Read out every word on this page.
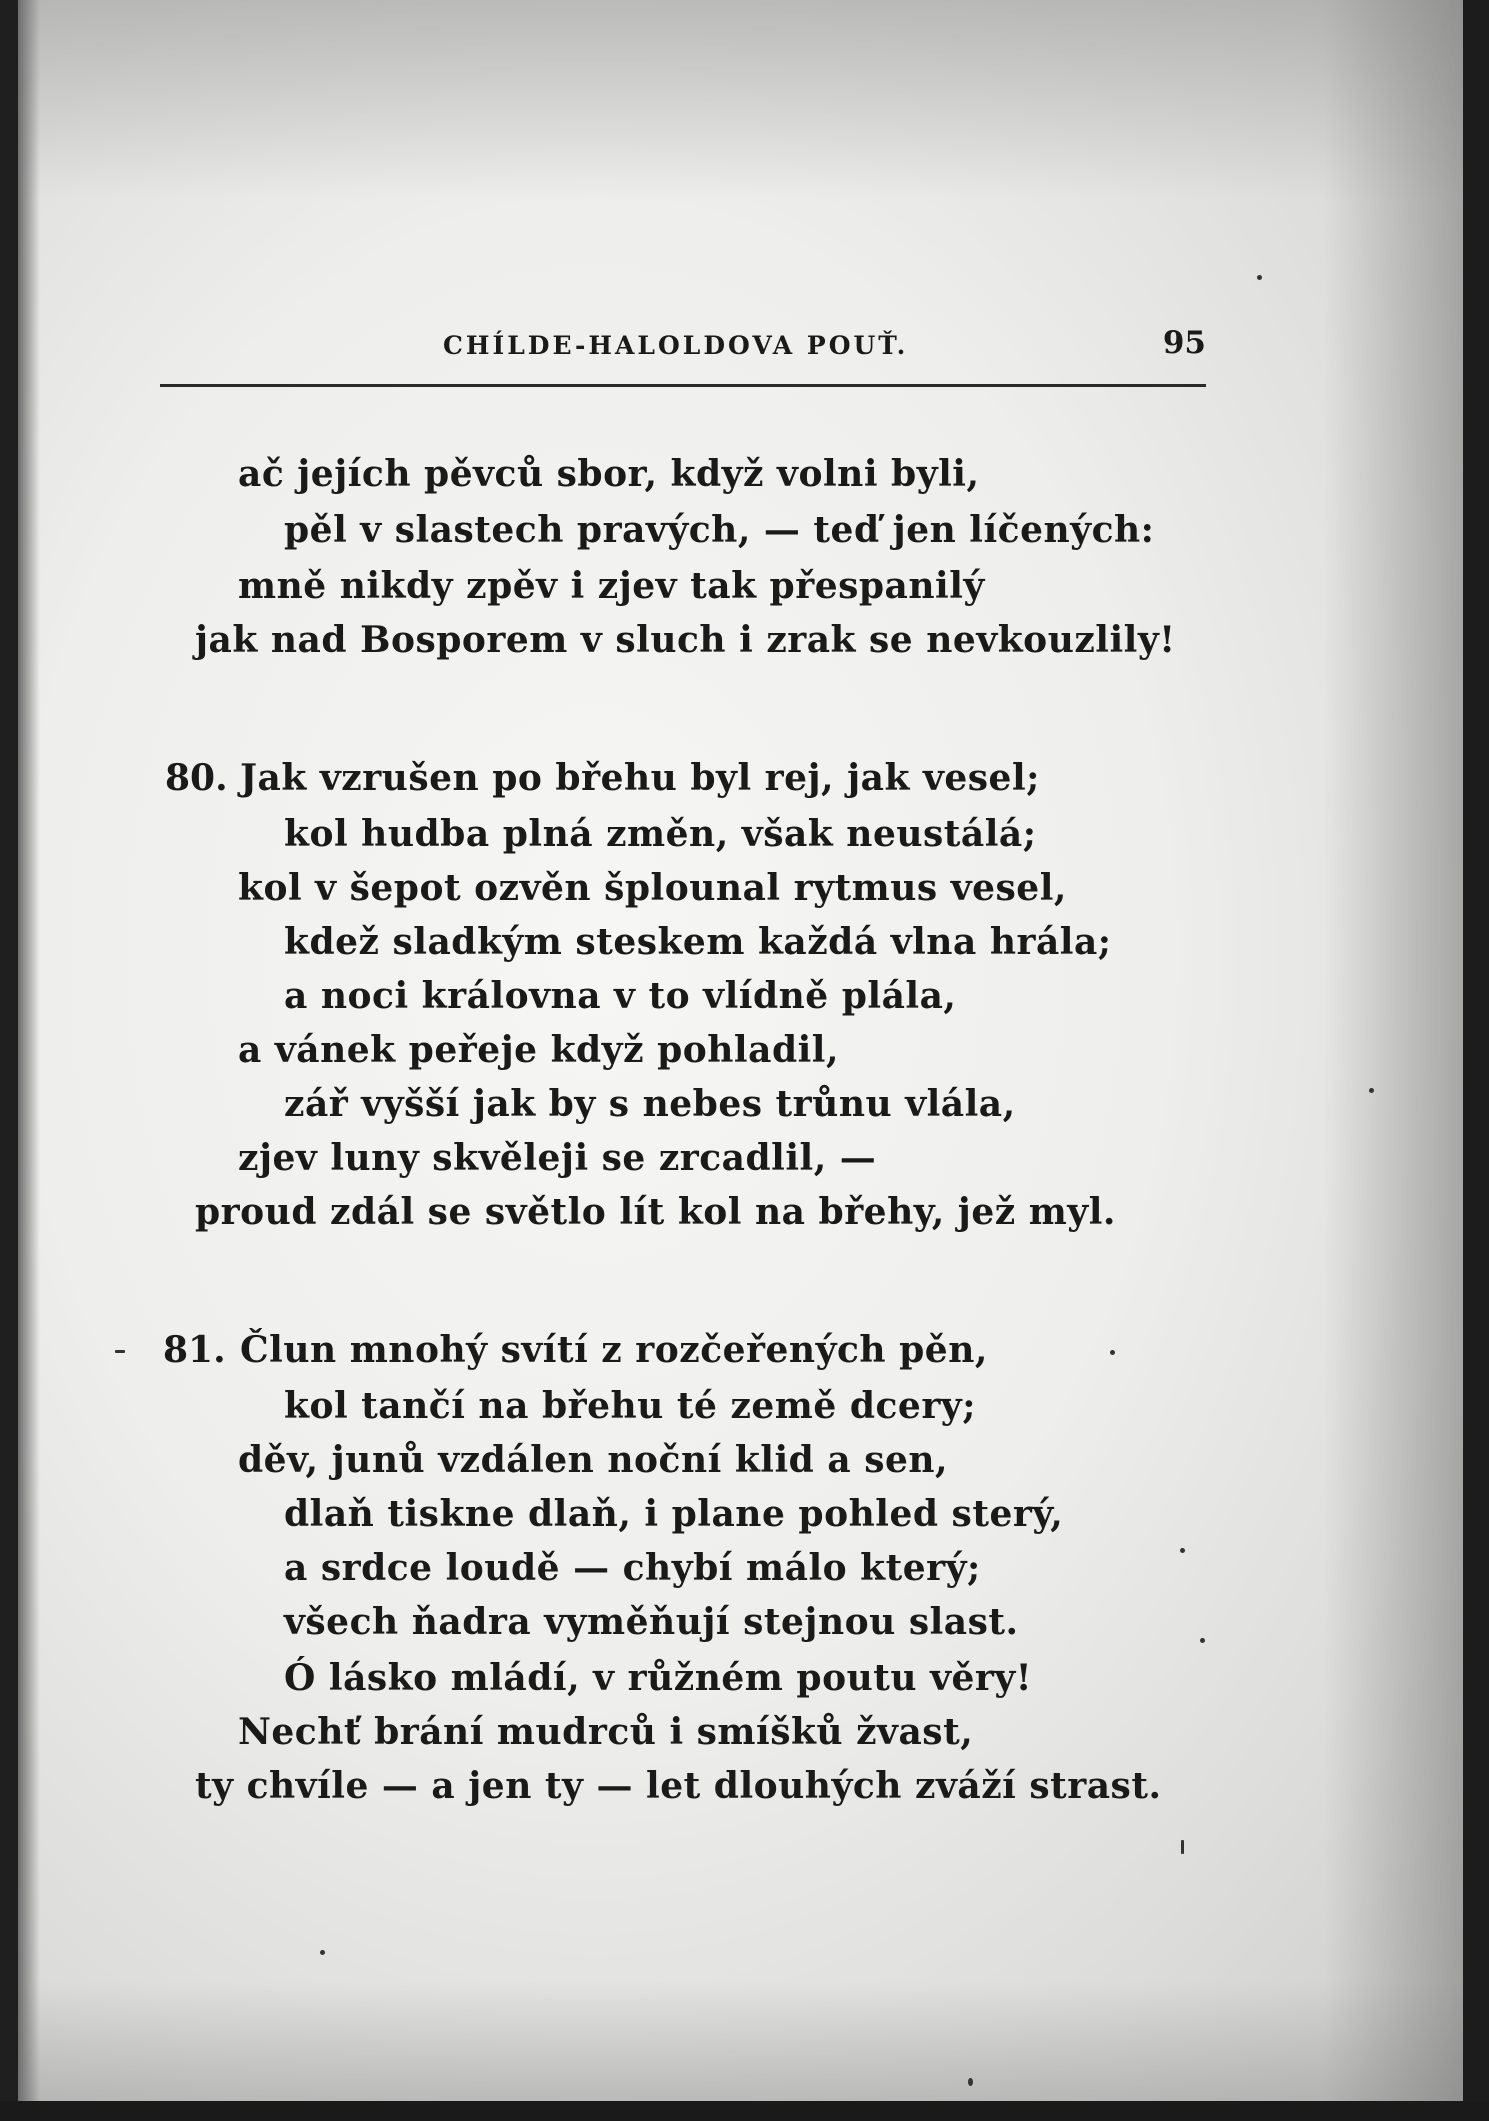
CHÍLDE-HALOLDOVA POUŤ.	95
ač jejích pěvců sbor, když volni byli,
pěl v slastech pravých, — teď jen líčených:
mně nikdy zpěv i zjev tak přespanilý
jak nad Bosporem v sluch i zrak se nevkouzlily!
80. Jak vzrušen po břehu byl rej, jak vesel;
kol hudba plná změn, však neustálá;
kol v šepot ozvěn šplounal rytmus vesel,
kdež sladkým steskem každá vlna hrála;
a noci královna v to vlídně plála,
a vánek peřeje když pohladil,
zář vyšší jak by s nebes trůnu vlála,
zjev luny skvěleji se zrcadlil, —
proud zdál se světlo lít kol na břehy, jež myl.
81. Člun mnohý svítí z rozčeřených pěn,
kol tančí na břehu té země dcery;
děv, junů vzdálen noční klid a sen,
dlaň tiskne dlaň, i plane pohled sterý,
a srdce loudě — chybí málo který;
všech ňadra vyměňují stejnou slast.
Ó lásko mládí, v růžném poutu věry!
Nechť brání mudrců i smíšků žvast,
ty chvíle — a jen ty — let dlouhých zváží strast.
